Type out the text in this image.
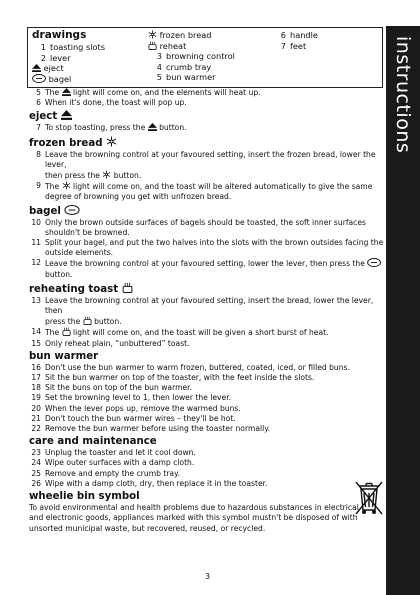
instructions
drawings
1 toasting slots
2 lever
eject
bagel
frozen bread
reheat
3 browning control
4 crumb tray
5 bun warmer
6 handle
7 feet
5 The light will come on, and the elements will heat up.
6 When it's done, the toast will pop up.
eject
7 To stop toasting, press the button.
frozen bread
8 Leave the browning control at your favoured setting, insert the frozen bread, lower the lever,
then press the button.
9 The light will come on, and the toast will be altered automatically to give the same
degree of browning you get with unfrozen bread.
bagel
10 Only the brown outside surfaces of bagels should be toasted, the soft inner surfaces
shouldn't be browned.
11 Split your bagel, and put the two halves into the slots with the brown outsides facing the
outside elements.
12 Leave the browning control at your favoured setting, lower the lever, then press the
button.
reheating toast
13 Leave the browning control at your favoured setting, insert the bread, lower the lever, then
press the button.
14 The light will come on, and the toast will be given a short burst of heat.
15 Only reheat plain, “unbuttered” toast.
bun warmer
16 Don't use the bun warmer to warm frozen, buttered, coated, iced, or filled buns.
17 Sit the bun warmer on top of the toaster, with the feet inside the slots.
18 Sit the buns on top of the bun warmer.
19 Set the browning level to 1, then lower the lever.
20 When the lever pops up, remove the warmed buns.
21 Don't touch the bun warmer wires – they'll be hot.
22 Remove the bun warmer before using the toaster normally.
care and maintenance
23 Unplug the toaster and let it cool down.
24 Wipe outer surfaces with a damp cloth.
25 Remove and empty the crumb tray.
26 Wipe with a damp cloth, dry, then replace it in the toaster.
wheelie bin symbol
To avoid environmental and health problems due to hazardous substances in electrical
and electronic goods, appliances marked with this symbol mustn't be disposed of with
unsorted municipal waste, but recovered, reused, or recycled.
3
